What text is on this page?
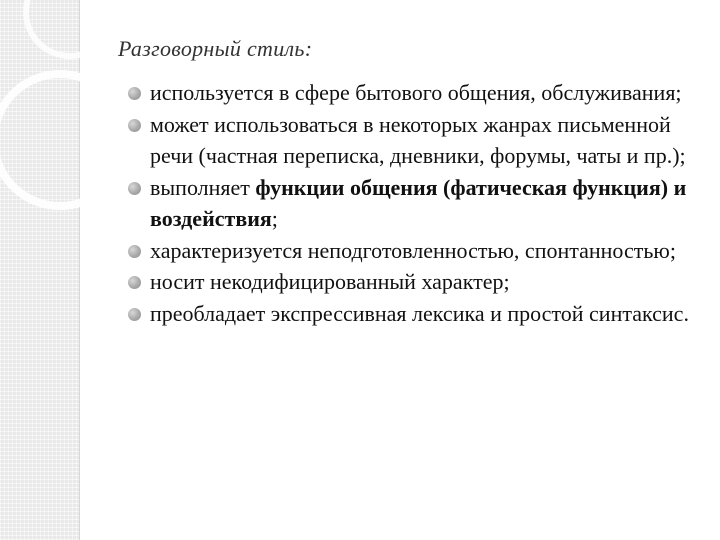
Разговорный стиль:
используется в сфере бытового общения, обслуживания;
может использоваться в некоторых жанрах письменной речи (частная переписка, дневники, форумы, чаты и пр.);
выполняет функции общения (фатическая функция) и воздействия;
характеризуется неподготовленностью, спонтанностью;
носит некодифицированный характер;
преобладает экспрессивная лексика и простой синтаксис.
